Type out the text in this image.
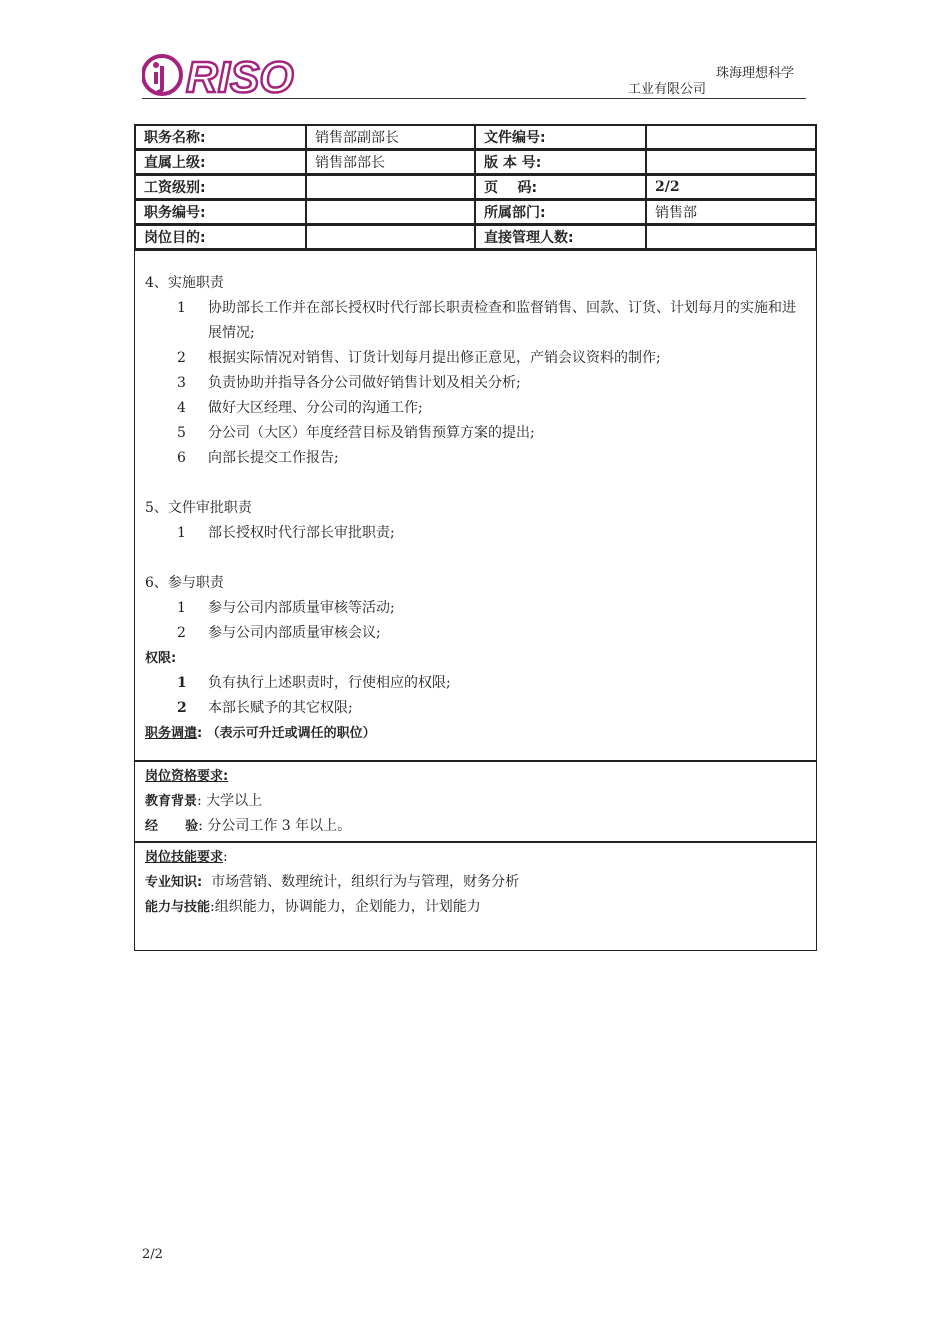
RISO	珠海理想科学
工业有限公司
职务名称:	销售部副部长	文件编号:	
直属上级:	销售部部长	版 本 号:	
工资级别:		页    码:	2/2
职务编号:		所属部门:	销售部
岗位目的:		直接管理人数:	
4、实施职责
1 协助部长工作并在部长授权时代行部长职责检查和监督销售、回款、订货、计划每月的实施和进展情况;
2 根据实际情况对销售、订货计划每月提出修正意见，产销会议资料的制作;
3 负责协助并指导各分公司做好销售计划及相关分析;
4 做好大区经理、分公司的沟通工作;
5 分公司（大区）年度经营目标及销售预算方案的提出;
6 向部长提交工作报告;
5、文件审批职责
1 部长授权时代行部长审批职责;
6、参与职责
1 参与公司内部质量审核等活动;
2 参与公司内部质量审核会议;
权限:
1 负有执行上述职责时，行使相应的权限;
2 本部长赋予的其它权限;
职务调遣: （表示可升迁或调任的职位）
岗位资格要求:
教育背景: 大学以上
经      验: 分公司工作 3 年以上。
岗位技能要求:
专业知识: 市场营销、数理统计，组织行为与管理，财务分析
能力与技能:组织能力，协调能力，企划能力，计划能力
2/2
